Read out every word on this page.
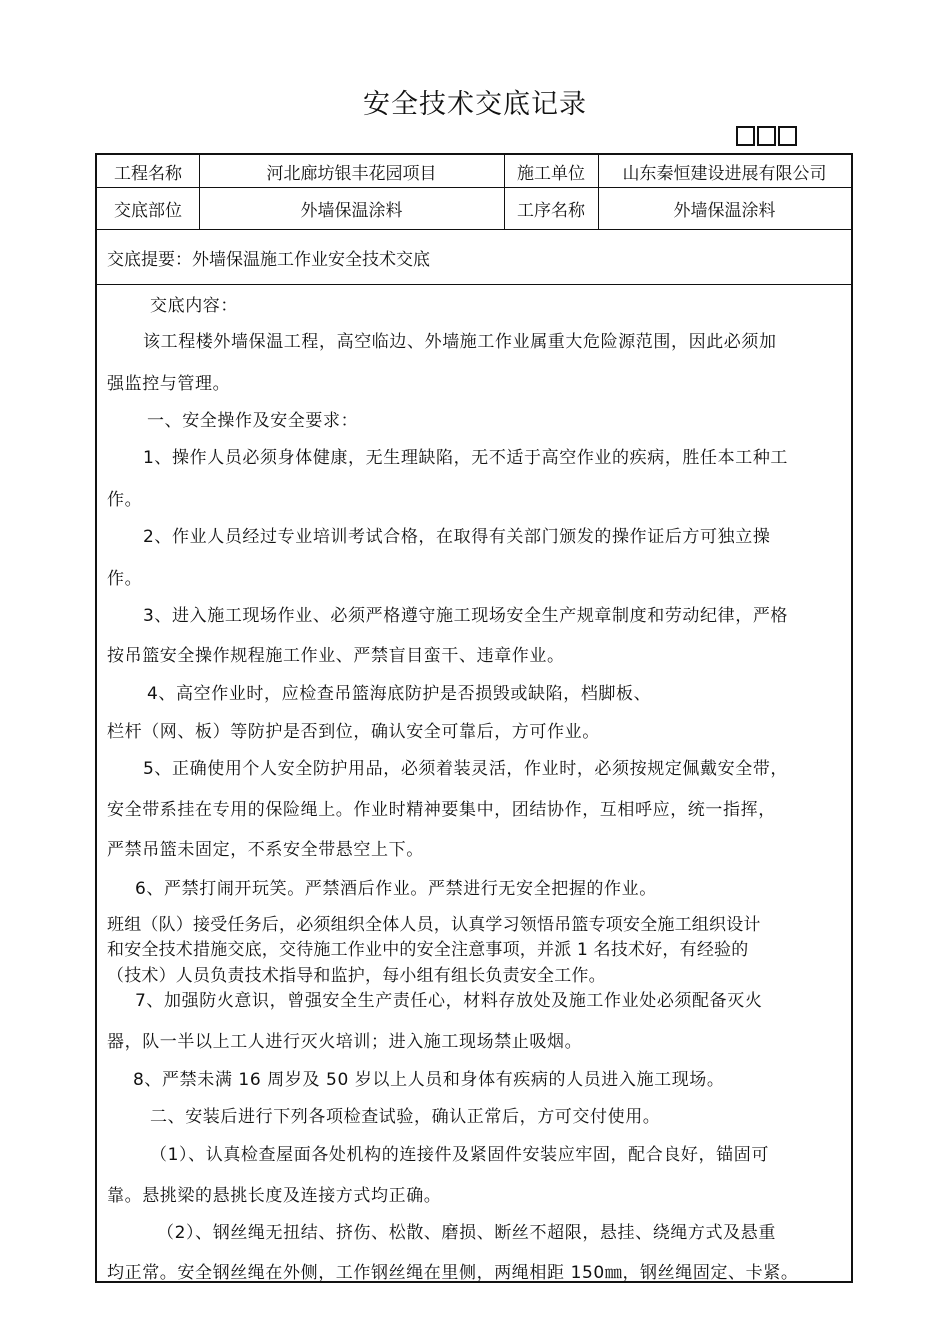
安全技术交底记录
工程名称	河北廊坊银丰花园项目	施工单位	山东秦恒建设进展有限公司
交底部位	外墙保温涂料	工序名称	外墙保温涂料
交底提要：外墙保温施工作业安全技术交底
交底内容：
该工程楼外墙保温工程，高空临边、外墙施工作业属重大危险源范围，因此必须加
强监控与管理。
一、安全操作及安全要求：
1、操作人员必须身体健康，无生理缺陷，无不适于高空作业的疾病，胜任本工种工
作。
2、作业人员经过专业培训考试合格，在取得有关部门颁发的操作证后方可独立操
作。
3、进入施工现场作业、必须严格遵守施工现场安全生产规章制度和劳动纪律，严格
按吊篮安全操作规程施工作业、严禁盲目蛮干、违章作业。
4、高空作业时，应检查吊篮海底防护是否损毁或缺陷，档脚板、
栏杆（网、板）等防护是否到位，确认安全可靠后，方可作业。
5、正确使用个人安全防护用品，必须着装灵活，作业时，必须按规定佩戴安全带，
安全带系挂在专用的保险绳上。作业时精神要集中，团结协作，互相呼应，统一指挥，
严禁吊篮未固定，不系安全带悬空上下。
6、严禁打闹开玩笑。严禁酒后作业。严禁进行无安全把握的作业。
班组（队）接受任务后，必须组织全体人员，认真学习领悟吊篮专项安全施工组织设计
和安全技术措施交底，交待施工作业中的安全注意事项，并派 1 名技术好，有经验的
（技术）人员负责技术指导和监护，每小组有组长负责安全工作。
7、加强防火意识，曾强安全生产责任心，材料存放处及施工作业处必须配备灭火
器，队一半以上工人进行灭火培训；进入施工现场禁止吸烟。
8、严禁未满 16 周岁及 50 岁以上人员和身体有疾病的人员进入施工现场。
二、安装后进行下列各项检查试验，确认正常后，方可交付使用。
（1）、认真检查屋面各处机构的连接件及紧固件安装应牢固，配合良好，锚固可
靠。悬挑梁的悬挑长度及连接方式均正确。
（2）、钢丝绳无扭结、挤伤、松散、磨损、断丝不超限，悬挂、绕绳方式及悬重
均正常。安全钢丝绳在外侧，工作钢丝绳在里侧，两绳相距 150㎜，钢丝绳固定、卡紧。
